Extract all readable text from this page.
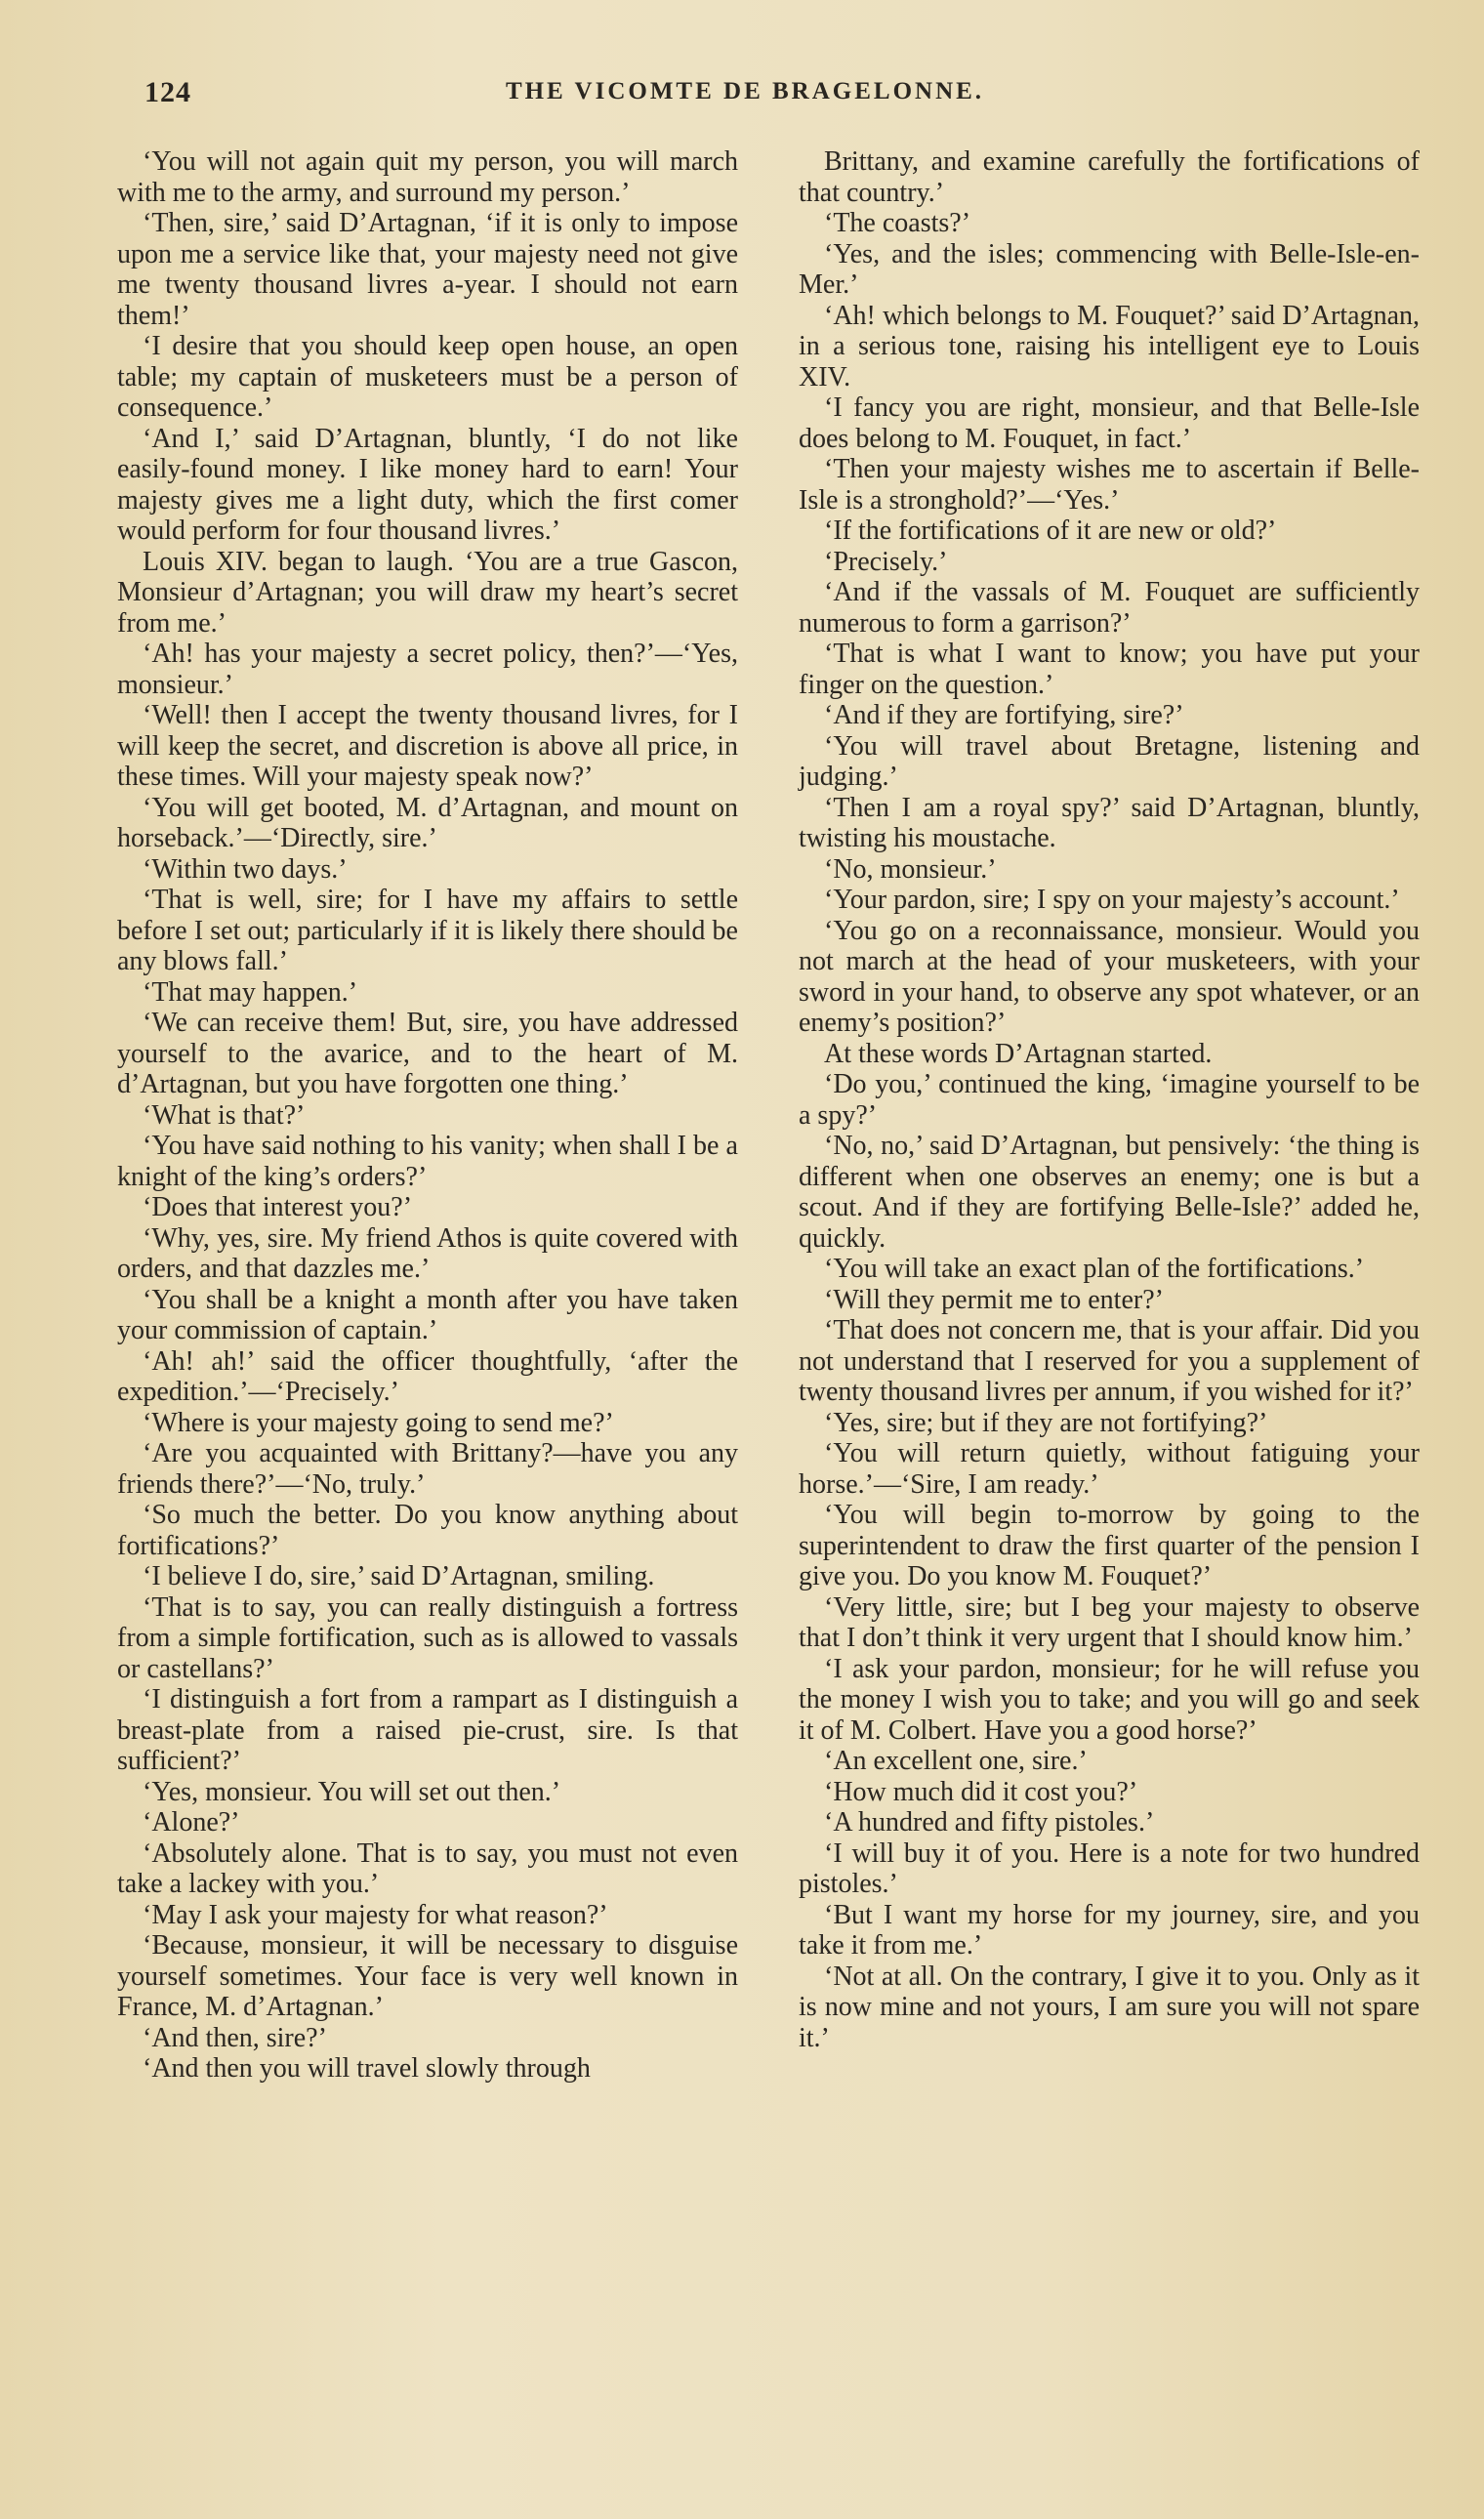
124	THE VICOMTE DE BRAGELONNE.

‘You will not again quit my person, you will march with me to the army, and surround my person.’

‘Then, sire,’ said D’Artagnan, ‘if it is only to impose upon me a service like that, your majesty need not give me twenty thousand livres a-year. I should not earn them!’

‘I desire that you should keep open house, an open table; my captain of musketeers must be a person of consequence.’

‘And I,’ said D’Artagnan, bluntly, ‘I do not like easily-found money. I like money hard to earn! Your majesty gives me a light duty, which the first comer would perform for four thousand livres.’

Louis XIV. began to laugh. ‘You are a true Gascon, Monsieur d’Artagnan; you will draw my heart’s secret from me.’

‘Ah! has your majesty a secret policy, then?’—‘Yes, monsieur.’

‘Well! then I accept the twenty thousand livres, for I will keep the secret, and discretion is above all price, in these times. Will your majesty speak now?’

‘You will get booted, M. d’Artagnan, and mount on horseback.’—‘Directly, sire.’

‘Within two days.’

‘That is well, sire; for I have my affairs to settle before I set out; particularly if it is likely there should be any blows fall.’

‘That may happen.’

‘We can receive them! But, sire, you have addressed yourself to the avarice, and to the heart of M. d’Artagnan, but you have forgotten one thing.’

‘What is that?’

‘You have said nothing to his vanity; when shall I be a knight of the king’s orders?’

‘Does that interest you?’

‘Why, yes, sire. My friend Athos is quite covered with orders, and that dazzles me.’

‘You shall be a knight a month after you have taken your commission of captain.’

‘Ah! ah!’ said the officer thoughtfully, ‘after the expedition.’—‘Precisely.’

‘Where is your majesty going to send me?’

‘Are you acquainted with Brittany?—have you any friends there?’—‘No, truly.’

‘So much the better. Do you know anything about fortifications?’

‘I believe I do, sire,’ said D’Artagnan, smiling.

‘That is to say, you can really distinguish a fortress from a simple fortification, such as is allowed to vassals or castellans?’

‘I distinguish a fort from a rampart as I distinguish a breast-plate from a raised pie-crust, sire. Is that sufficient?’

‘Yes, monsieur. You will set out then.’

‘Alone?’

‘Absolutely alone. That is to say, you must not even take a lackey with you.’

‘May I ask your majesty for what reason?’

‘Because, monsieur, it will be necessary to disguise yourself sometimes. Your face is very well known in France, M. d’Artagnan.’

‘And then, sire?’

‘And then you will travel slowly through

Brittany, and examine carefully the fortifications of that country.’

‘The coasts?’

‘Yes, and the isles; commencing with Belle-Isle-en-Mer.’

‘Ah! which belongs to M. Fouquet?’ said D’Artagnan, in a serious tone, raising his intelligent eye to Louis XIV.

‘I fancy you are right, monsieur, and that Belle-Isle does belong to M. Fouquet, in fact.’

‘Then your majesty wishes me to ascertain if Belle-Isle is a stronghold?’—‘Yes.’

‘If the fortifications of it are new or old?’

‘Precisely.’

‘And if the vassals of M. Fouquet are sufficiently numerous to form a garrison?’

‘That is what I want to know; you have put your finger on the question.’

‘And if they are fortifying, sire?’

‘You will travel about Bretagne, listening and judging.’

‘Then I am a royal spy?’ said D’Artagnan, bluntly, twisting his moustache.

‘No, monsieur.’

‘Your pardon, sire; I spy on your majesty’s account.’

‘You go on a reconnaissance, monsieur. Would you not march at the head of your musketeers, with your sword in your hand, to observe any spot whatever, or an enemy’s position?’

At these words D’Artagnan started.

‘Do you,’ continued the king, ‘imagine yourself to be a spy?’

‘No, no,’ said D’Artagnan, but pensively: ‘the thing is different when one observes an enemy; one is but a scout. And if they are fortifying Belle-Isle?’ added he, quickly.

‘You will take an exact plan of the fortifications.’

‘Will they permit me to enter?’

‘That does not concern me, that is your affair. Did you not understand that I reserved for you a supplement of twenty thousand livres per annum, if you wished for it?’

‘Yes, sire; but if they are not fortifying?’

‘You will return quietly, without fatiguing your horse.’—‘Sire, I am ready.’

‘You will begin to-morrow by going to the superintendent to draw the first quarter of the pension I give you. Do you know M. Fouquet?’

‘Very little, sire; but I beg your majesty to observe that I don’t think it very urgent that I should know him.’

‘I ask your pardon, monsieur; for he will refuse you the money I wish you to take; and you will go and seek it of M. Colbert. Have you a good horse?’

‘An excellent one, sire.’

‘How much did it cost you?’

‘A hundred and fifty pistoles.’

‘I will buy it of you. Here is a note for two hundred pistoles.’

‘But I want my horse for my journey, sire, and you take it from me.’

‘Not at all. On the contrary, I give it to you. Only as it is now mine and not yours, I am sure you will not spare it.’
